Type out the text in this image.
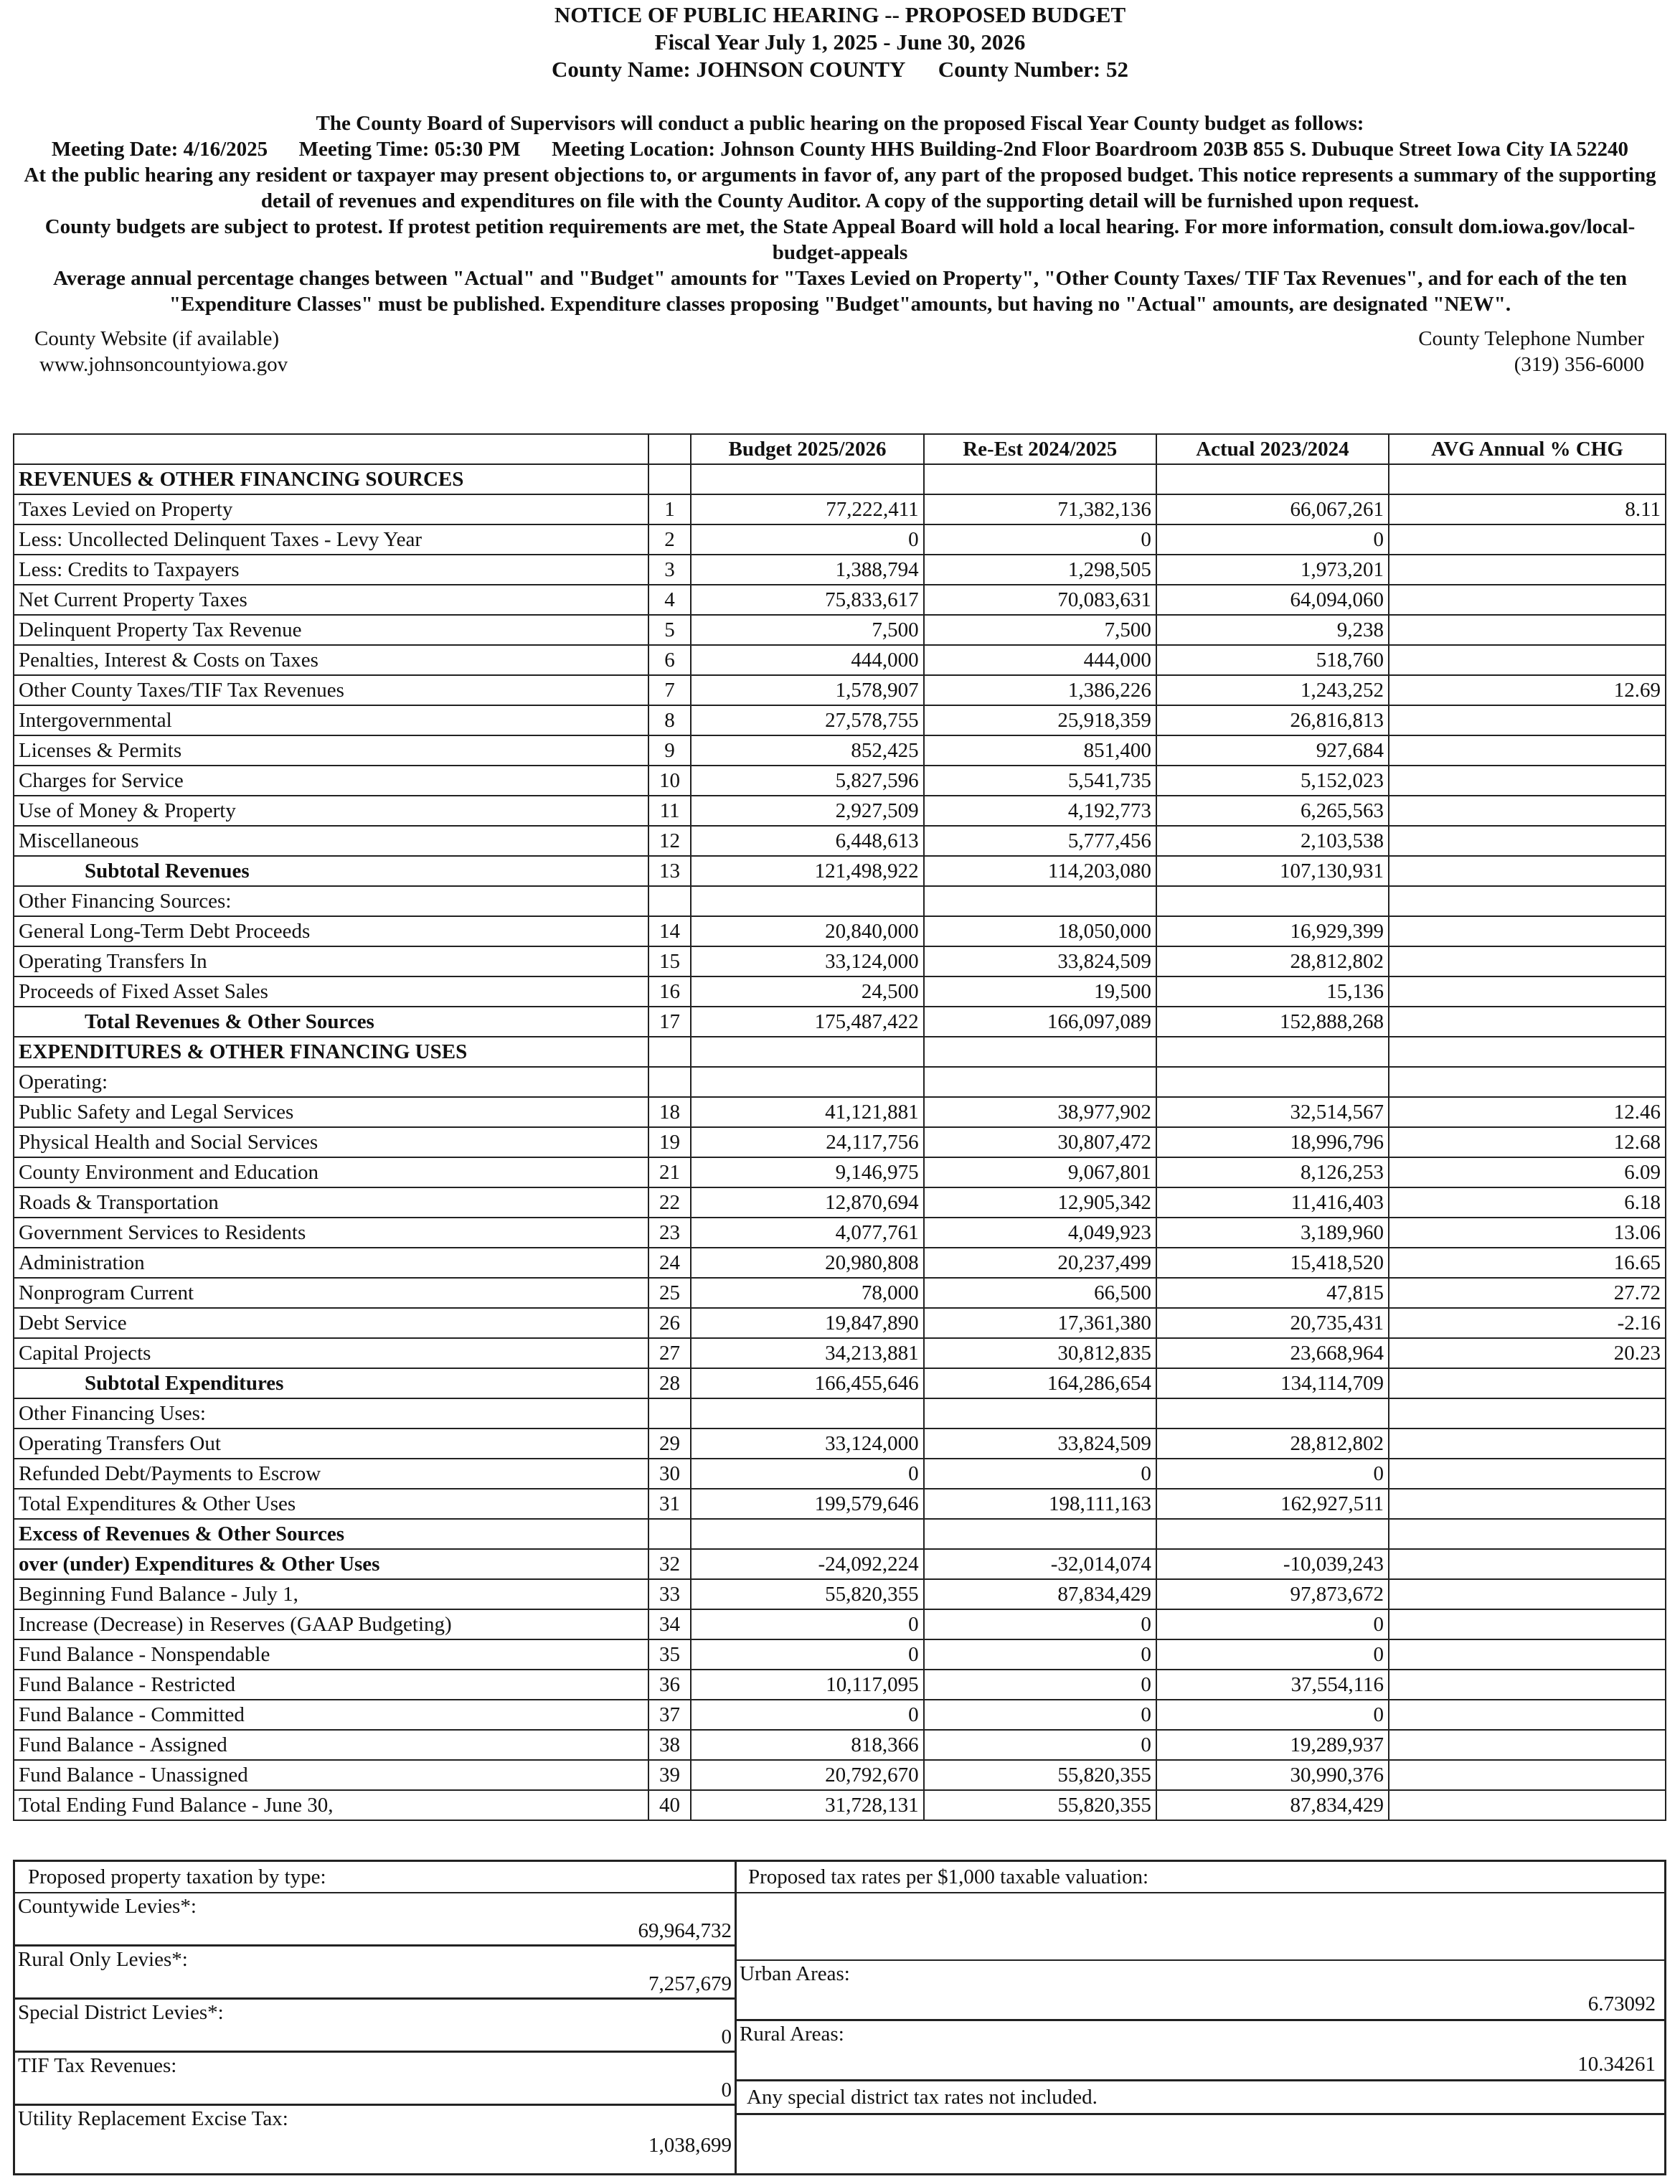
NOTICE OF PUBLIC HEARING -- PROPOSED BUDGET
Fiscal Year July 1, 2025 - June 30, 2026
County Name: JOHNSON COUNTY      County Number: 52
The County Board of Supervisors will conduct a public hearing on the proposed Fiscal Year County budget as follows:
Meeting Date: 4/16/2025      Meeting Time: 05:30 PM      Meeting Location: Johnson County HHS Building-2nd Floor Boardroom 203B 855 S. Dubuque Street Iowa City IA 52240
At the public hearing any resident or taxpayer may present objections to, or arguments in favor of, any part of the proposed budget. This notice represents a summary of the supporting detail of revenues and expenditures on file with the County Auditor. A copy of the supporting detail will be furnished upon request.
County budgets are subject to protest. If protest petition requirements are met, the State Appeal Board will hold a local hearing. For more information, consult dom.iowa.gov/local-budget-appeals
Average annual percentage changes between "Actual" and "Budget" amounts for "Taxes Levied on Property", "Other County Taxes/ TIF Tax Revenues", and for each of the ten "Expenditure Classes" must be published. Expenditure classes proposing "Budget"amounts, but having no "Actual" amounts, are designated "NEW".
County Website (if available)
www.johnsoncountyiowa.gov
County Telephone Number
(319) 356-6000
		Budget 2025/2026	Re-Est 2024/2025	Actual 2023/2024	AVG Annual % CHG
REVENUES & OTHER FINANCING SOURCES					
Taxes Levied on Property	1	77,222,411	71,382,136	66,067,261	8.11
Less: Uncollected Delinquent Taxes - Levy Year	2	0	0	0	
Less: Credits to Taxpayers	3	1,388,794	1,298,505	1,973,201	
Net Current Property Taxes	4	75,833,617	70,083,631	64,094,060	
Delinquent Property Tax Revenue	5	7,500	7,500	9,238	
Penalties, Interest & Costs on Taxes	6	444,000	444,000	518,760	
Other County Taxes/TIF Tax Revenues	7	1,578,907	1,386,226	1,243,252	12.69
Intergovernmental	8	27,578,755	25,918,359	26,816,813	
Licenses & Permits	9	852,425	851,400	927,684	
Charges for Service	10	5,827,596	5,541,735	5,152,023	
Use of Money & Property	11	2,927,509	4,192,773	6,265,563	
Miscellaneous	12	6,448,613	5,777,456	2,103,538	
Subtotal Revenues	13	121,498,922	114,203,080	107,130,931	
Other Financing Sources:					
General Long-Term Debt Proceeds	14	20,840,000	18,050,000	16,929,399	
Operating Transfers In	15	33,124,000	33,824,509	28,812,802	
Proceeds of Fixed Asset Sales	16	24,500	19,500	15,136	
Total Revenues & Other Sources	17	175,487,422	166,097,089	152,888,268	
EXPENDITURES & OTHER FINANCING USES					
Operating:					
Public Safety and Legal Services	18	41,121,881	38,977,902	32,514,567	12.46
Physical Health and Social Services	19	24,117,756	30,807,472	18,996,796	12.68
County Environment and Education	21	9,146,975	9,067,801	8,126,253	6.09
Roads & Transportation	22	12,870,694	12,905,342	11,416,403	6.18
Government Services to Residents	23	4,077,761	4,049,923	3,189,960	13.06
Administration	24	20,980,808	20,237,499	15,418,520	16.65
Nonprogram Current	25	78,000	66,500	47,815	27.72
Debt Service	26	19,847,890	17,361,380	20,735,431	-2.16
Capital Projects	27	34,213,881	30,812,835	23,668,964	20.23
Subtotal Expenditures	28	166,455,646	164,286,654	134,114,709	
Other Financing Uses:					
Operating Transfers Out	29	33,124,000	33,824,509	28,812,802	
Refunded Debt/Payments to Escrow	30	0	0	0	
Total Expenditures & Other Uses	31	199,579,646	198,111,163	162,927,511	
Excess of Revenues & Other Sources					
over (under) Expenditures & Other Uses	32	-24,092,224	-32,014,074	-10,039,243	
Beginning Fund Balance - July 1,	33	55,820,355	87,834,429	97,873,672	
Increase (Decrease) in Reserves (GAAP Budgeting)	34	0	0	0	
Fund Balance - Nonspendable	35	0	0	0	
Fund Balance - Restricted	36	10,117,095	0	37,554,116	
Fund Balance - Committed	37	0	0	0	
Fund Balance - Assigned	38	818,366	0	19,289,937	
Fund Balance - Unassigned	39	20,792,670	55,820,355	30,990,376	
Total Ending Fund Balance - June 30,	40	31,728,131	55,820,355	87,834,429	
Proposed property taxation by type:
Countywide Levies*:
69,964,732
Rural Only Levies*:
7,257,679
Special District Levies*:
0
TIF Tax Revenues:
0
Utility Replacement Excise Tax:
1,038,699
Proposed tax rates per $1,000 taxable valuation:
Urban Areas:
6.73092
Rural Areas:
10.34261
Any special district tax rates not included.
